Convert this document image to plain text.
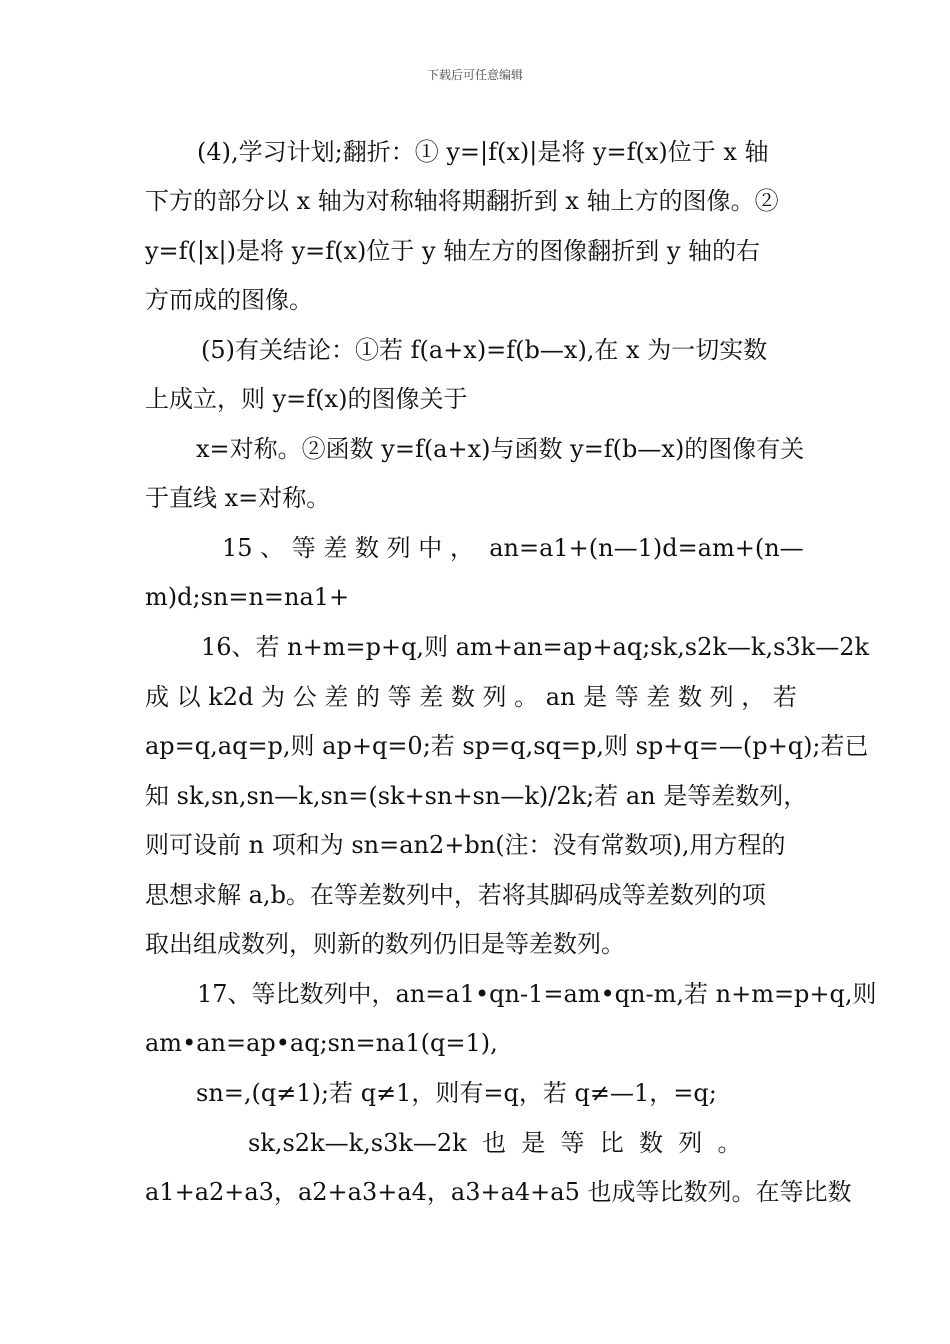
下载后可任意编辑
(4),学习计划;翻折：① y=|f(x)|是将 y=f(x)位于 x 轴
下方的部分以 x 轴为对称轴将期翻折到 x 轴上方的图像。②
y=f(|x|)是将 y=f(x)位于 y 轴左方的图像翻折到 y 轴的右
方而成的图像。
(5)有关结论：①若 f(a+x)=f(b—x),在 x 为一切实数
上成立，则 y=f(x)的图像关于
x=对称。②函数 y=f(a+x)与函数 y=f(b—x)的图像有关
于直线 x=对称。
15 、 等 差 数 列 中 ，  an=a1+(n—1)d=am+(n—
m)d;sn=n=na1+
16、若 n+m=p+q,则 am+an=ap+aq;sk,s2k—k,s3k—2k
成 以 k2d 为 公 差 的 等 差 数 列 。 an 是 等 差 数 列 ， 若
ap=q,aq=p,则 ap+q=0;若 sp=q,sq=p,则 sp+q=—(p+q);若已
知 sk,sn,sn—k,sn=(sk+sn+sn—k)/2k;若 an 是等差数列，
则可设前 n 项和为 sn=an2+bn(注：没有常数项),用方程的
思想求解 a,b。在等差数列中，若将其脚码成等差数列的项
取出组成数列，则新的数列仍旧是等差数列。
17、等比数列中，an=a1•qn-1=am•qn-m,若 n+m=p+q,则
am•an=ap•aq;sn=na1(q=1),
sn=,(q≠1);若 q≠1，则有=q，若 q≠—1，=q;
sk,s2k—k,s3k—2k  也  是  等  比  数  列  。
a1+a2+a3，a2+a3+a4，a3+a4+a5 也成等比数列。在等比数
